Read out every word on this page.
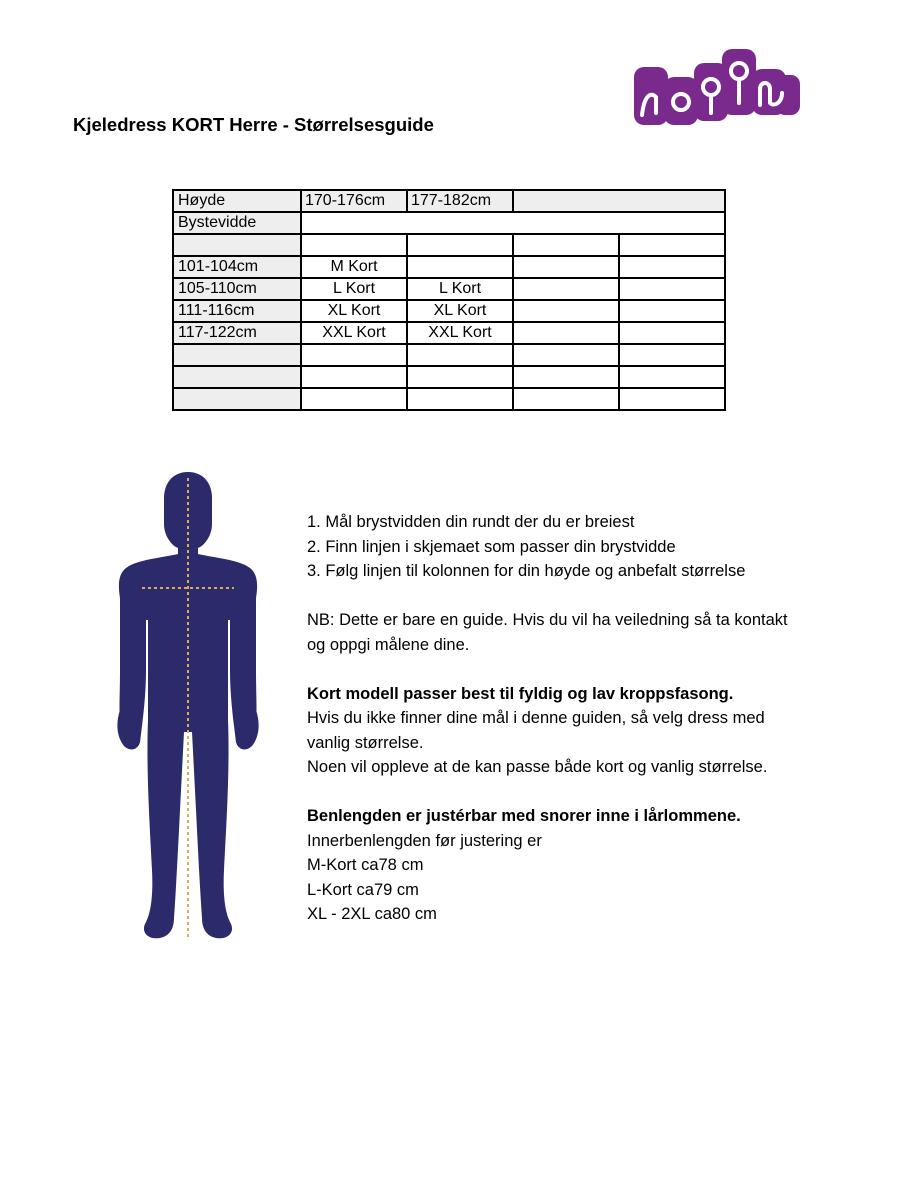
Kjeledress KORT Herre - Størrelsesguide
Høyde	170-176cm	177-182cm		
Bystevidde				

101-104cm	M Kort			
105-110cm	L Kort	L Kort		
111-116cm	XL Kort	XL Kort		
117-122cm	XXL Kort	XXL Kort		

1. Mål brystvidden din rundt der du er breiest

2. Finn linjen i skjemaet som passer din brystvidde

3. Følg linjen til kolonnen for din høyde og anbefalt størrelse

NB: Dette er bare en guide. Hvis du vil ha veiledning så ta kontakt

og oppgi målene dine.

Kort modell passer best til fyldig og lav kroppsfasong.

Hvis du ikke finner dine mål i denne guiden, så velg dress med

vanlig størrelse.

Noen vil oppleve at de kan passe både kort og vanlig størrelse.

Benlengden er justérbar med snorer inne i lårlommene.

Innerbenlengden før justering er

M-Kort ca78 cm

L-Kort ca79 cm

XL - 2XL ca80 cm
